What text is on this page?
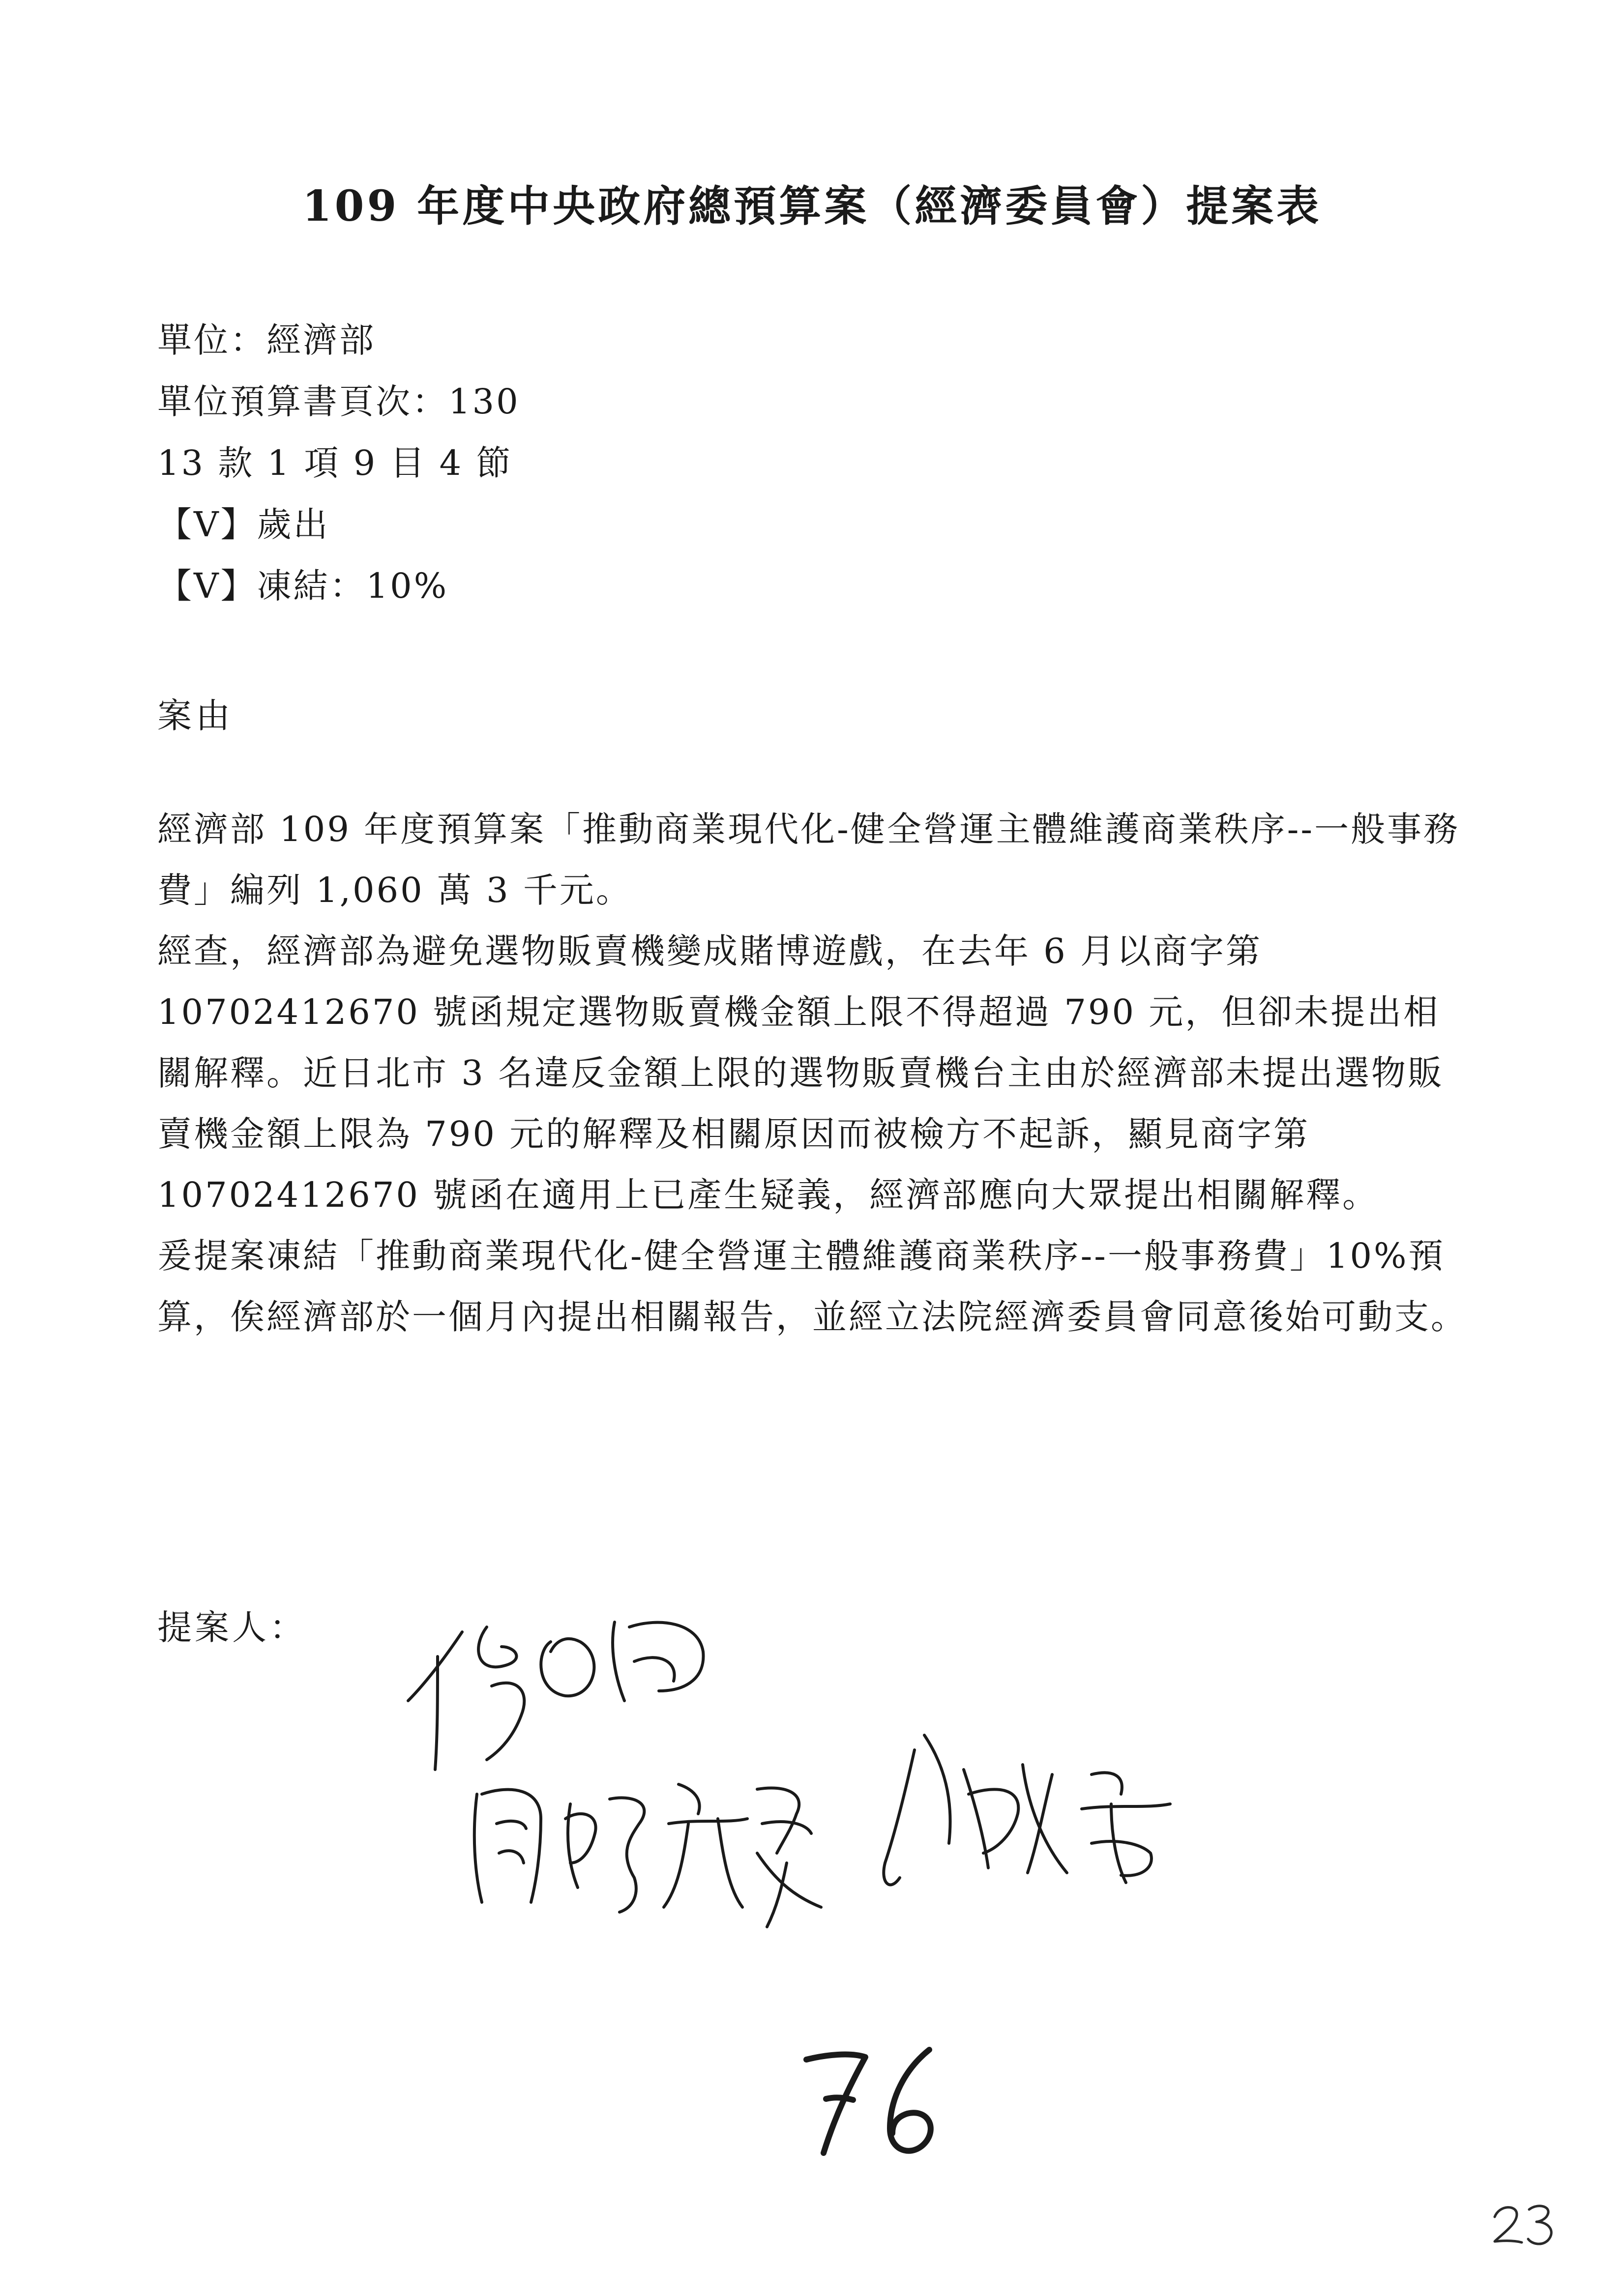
109 年度中央政府總預算案（經濟委員會）提案表
單位：經濟部
單位預算書頁次：130
13 款 1 項 9 目 4 節
【V】歲出
【V】凍結：10%
案由

經濟部 109 年度預算案「推動商業現代化-健全營運主體維護商業秩序--一般事務費」編列 1,060 萬 3 千元。

經查，經濟部為避免選物販賣機變成賭博遊戲，在去年 6 月以商字第 10702412670 號函規定選物販賣機金額上限不得超過 790 元，但卻未提出相關解釋。近日北市 3 名違反金額上限的選物販賣機台主由於經濟部未提出選物販賣機金額上限為 790 元的解釋及相關原因而被檢方不起訴，顯見商字第 10702412670 號函在適用上已產生疑義，經濟部應向大眾提出相關解釋。

爰提案凍結「推動商業現代化-健全營運主體維護商業秩序--一般事務費」10%預算，俟經濟部於一個月內提出相關報告，並經立法院經濟委員會同意後始可動支。

提案人：
